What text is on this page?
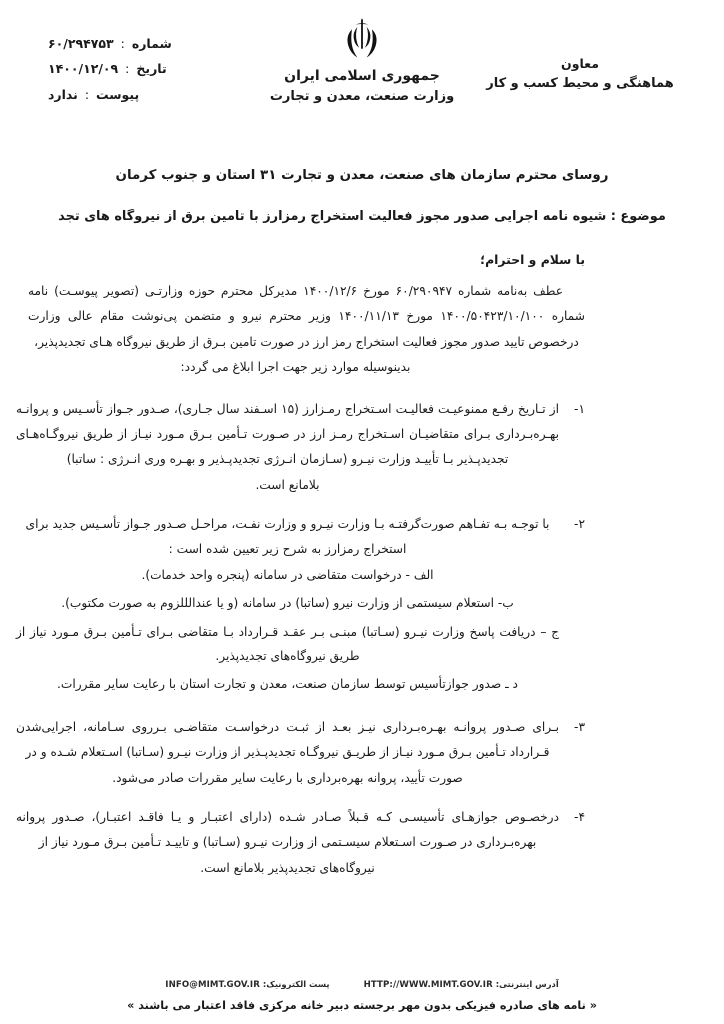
شماره
:
۶۰/۲۹۴۷۵۳
تاریخ
:
۱۴۰۰/۱۲/۰۹
پیوست
:
ندارد
جمهوری اسلامی ایران
وزارت صنعت، معدن و تجارت
معاون
هماهنگی و محیط کسب و کار
روسای محترم سازمان های صنعت، معدن و تجارت ۳۱ استان و جنوب کرمان
موضوع : شیوه نامه اجرایی صدور مجوز فعالیت استخراج رمزارز با تامین برق از نیروگاه های تجد
با سلام و احترام؛

عطف به‌نامه شماره ۶۰/۲۹۰۹۴۷ مورخ ۱۴۰۰/۱۲/۶ مدیرکل محترم حوزه وزارتـی (تصویر پیوسـت) نامه شماره ۱۴۰۰/۵۰۴۲۳/۱۰/۱۰۰ مورخ ۱۴۰۰/۱۱/۱۳ وزیر محترم نیرو و متضمن پی‌نوشت مقام عالی وزارت درخصوص تایید صدور مجوز فعالیت استخراج رمز ارز در صورت تامین بـرق از طریق نیروگاه هـای تجدیدپذیر،
بدینوسیله موارد زیر جهت اجرا ابلاغ می گردد:

۱-
از تـاریخ رفـع ممنوعیـت فعالیـت اسـتخراج رمـزارز (۱۵ اسـفند سال جـاری)، صـدور جـواز تأسـیس و پروانـه بهـره‌بـرداری بـرای متقاضیـان اسـتخراج رمـز ارز در صـورت تـأمین بـرق مـورد نیـاز از طریق نیروگـاه‌هـای تجدیدپـذیر بـا تأییـد وزارت نیـرو (سـازمان انـرژی تجدیدپـذیر و بهـره وری انـرژی : ساتبا)
بلامانع است.
۲-
با توجـه بـه تفـاهم صورت‌گرفتـه بـا وزارت نیـرو و وزارت نفـت، مراحـل صـدور جـواز تأسـیس جدید برای
استخراج رمزارز به شرح زیر تعیین شده است :
الف - درخواست متقاضی در سامانه (پنجره واحد خدمات).
ب- استعلام سیستمی از وزارت نیرو (ساتبا) در سامانه (و یا عندالللزوم به صورت مکتوب).
ج – دریافت پاسخ وزارت نیـرو (سـاتبا) مبنـی بـر عقـد قـرارداد بـا متقاضی بـرای تـأمین بـرق مـورد نیاز از طریق نیروگاه‌های تجدیدپذیر.
د ـ صدور جوازتأسیس توسط سازمان صنعت، معدن و تجارت استان با رعایت سایر مقررات.
۳-
بـرای صـدور پروانـه بهـره‌بـرداری نیـز بعـد از ثبـت درخواسـت متقاضـی بـرروی سـامانه، اجرایی‌شدن قـرارداد تـأمین بـرق مـورد نیـاز از طریـق نیروگـاه تجدیدپـذیر از وزارت نیـرو (سـاتبا) اسـتعلام شـده و در
صورت تأیید، پروانه بهره‌برداری با رعایت سایر مقررات صادر می‌شود.
۴-
درخصـوص جوازهـای تأسیسـی کـه قـبلاً صـادر شـده (دارای اعتبـار و یـا فاقـد اعتبـار)، صـدور پروانه بهره‌بـرداری در صـورت اسـتعلام سیسـتمی از وزارت نیـرو (سـاتبا) و تاییـد تـأمین بـرق مـورد نیاز از
نیروگاه‌های تجدیدپذیر بلامانع است.
آدرس اینترنتی:
HTTP://WWW.MIMT.GOV.IR
پست الکترونیک:
INFO@MIMT.GOV.IR
« نامه های صادره فیزیکی بدون مهر برجسته دبیر خانه مرکزی فاقد اعتبار می باشند »
